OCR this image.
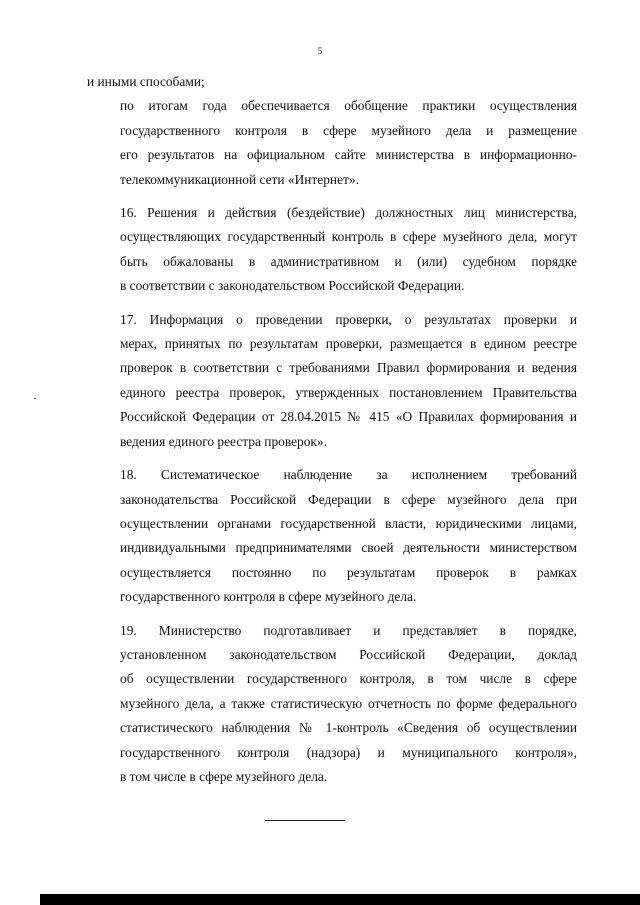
5

и иными способами;

по итогам года обеспечивается обобщение практики осуществления
государственного контроля в сфере музейного дела и размещение
его результатов на официальном сайте министерства в информационно-
телекоммуникационной сети «Интернет».

16. Решения и действия (бездействие) должностных лиц министерства,
осуществляющих государственный контроль в сфере музейного дела, могут
быть обжалованы в административном и (или) судебном порядке
в соответствии с законодательством Российской Федерации.

17. Информация о проведении проверки, о результатах проверки и
мерах, принятых по результатам проверки, размещается в едином реестре
проверок в соответствии с требованиями Правил формирования и ведения
единого реестра проверок, утвержденных постановлением Правительства
Российской Федерации от 28.04.2015 № 415 «О Правилах формирования и
ведения единого реестра проверок».

18. Систематическое наблюдение за исполнением требований
законодательства Российской Федерации в сфере музейного дела при
осуществлении органами государственной власти, юридическими лицами,
индивидуальными предпринимателями своей деятельности министерством
осуществляется постоянно по результатам проверок в рамках
государственного контроля в сфере музейного дела.

19. Министерство подготавливает и представляет в порядке,
установленном законодательством Российской Федерации, доклад
об осуществлении государственного контроля, в том числе в сфере
музейного дела, а также статистическую отчетность по форме федерального
статистического наблюдения № 1-контроль «Сведения об осуществлении
государственного контроля (надзора) и муниципального контроля»,
в том числе в сфере музейного дела.
